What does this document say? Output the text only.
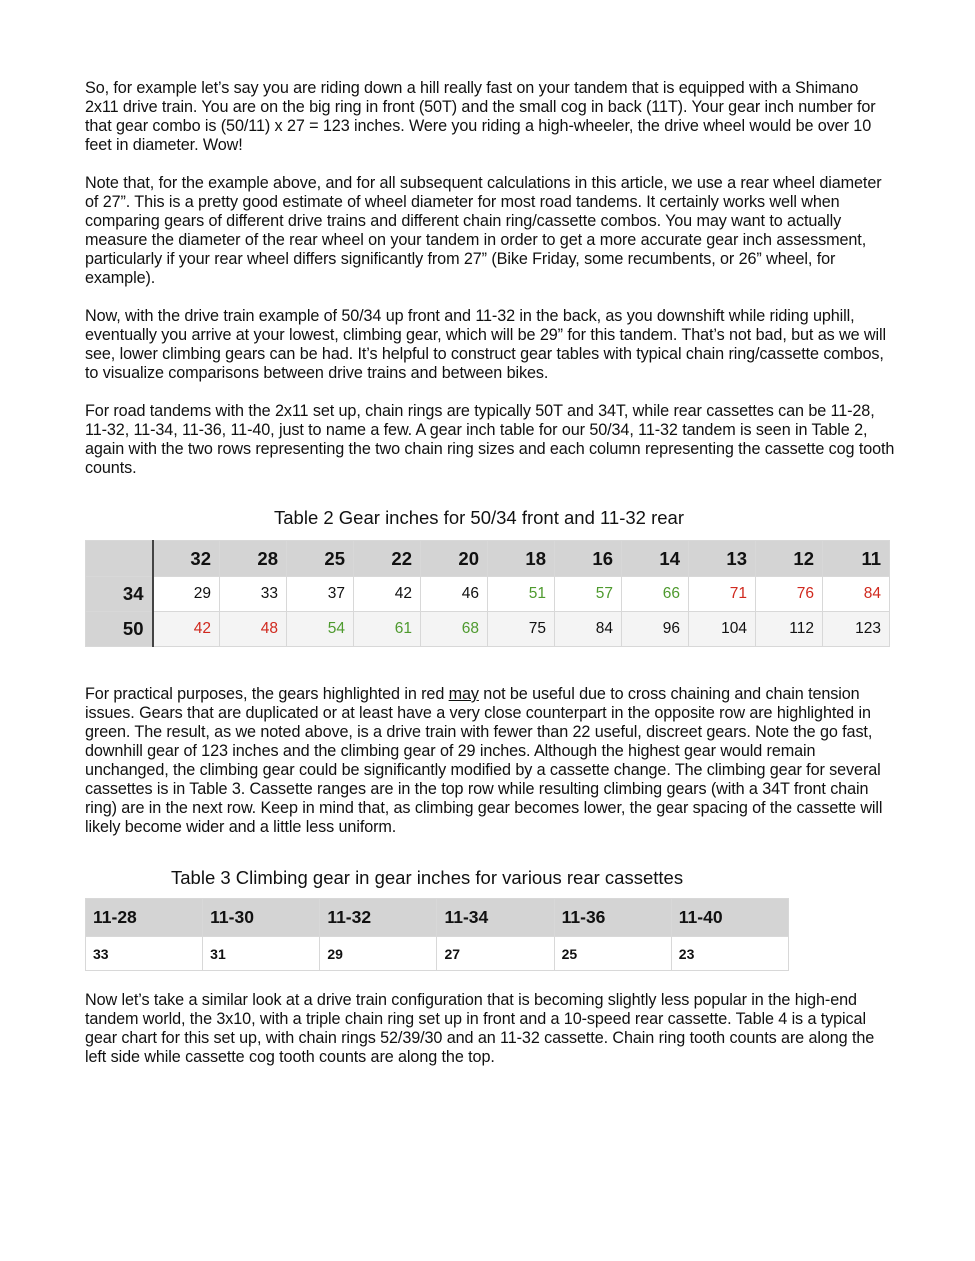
So, for example let’s say you are riding down a hill really fast on your tandem that is equipped with a Shimano 2x11 drive train. You are on the big ring in front (50T) and the small cog in back (11T). Your gear inch number for that gear combo is (50/11) x 27 = 123 inches. Were you riding a high-wheeler, the drive wheel would be over 10 feet in diameter. Wow!

Note that, for the example above, and for all subsequent calculations in this article, we use a rear wheel diameter of 27”. This is a pretty good estimate of wheel diameter for most road tandems. It certainly works well when comparing gears of different drive trains and different chain ring/cassette combos. You may want to actually measure the diameter of the rear wheel on your tandem in order to get a more accurate gear inch assessment, particularly if your rear wheel differs significantly from 27” (Bike Friday, some recumbents, or 26” wheel, for example).

Now, with the drive train example of 50/34 up front and 11-32 in the back, as you downshift while riding uphill, eventually you arrive at your lowest, climbing gear, which will be 29” for this tandem. That’s not bad, but as we will see, lower climbing gears can be had. It’s helpful to construct gear tables with typical chain ring/cassette combos, to visualize comparisons between drive trains and between bikes.

For road tandems with the 2x11 set up, chain rings are typically 50T and 34T, while rear cassettes can be 11-28, 11-32, 11-34, 11-36, 11-40, just to name a few. A gear inch table for our 50/34, 11-32 tandem is seen in Table 2, again with the two rows representing the two chain ring sizes and each column representing the cassette cog tooth counts.

Table 2 Gear inches for 50/34 front and 11-32 rear

	32	28	25	22	20	18	16	14	13	12	11
34	29	33	37	42	46	51	57	66	71	76	84
50	42	48	54	61	68	75	84	96	104	112	123

For practical purposes, the gears highlighted in red may not be useful due to cross chaining and chain tension issues. Gears that are duplicated or at least have a very close counterpart in the opposite row are highlighted in green. The result, as we noted above, is a drive train with fewer than 22 useful, discreet gears. Note the go fast, downhill gear of 123 inches and the climbing gear of 29 inches. Although the highest gear would remain unchanged, the climbing gear could be significantly modified by a cassette change. The climbing gear for several cassettes is in Table 3. Cassette ranges are in the top row while resulting climbing gears (with a 34T front chain ring) are in the next row. Keep in mind that, as climbing gear becomes lower, the gear spacing of the cassette will likely become wider and a little less uniform.

Table 3 Climbing gear in gear inches for various rear cassettes

11-28	11-30	11-32	11-34	11-36	11-40
33	31	29	27	25	23

Now let’s take a similar look at a drive train configuration that is becoming slightly less popular in the high-end tandem world, the 3x10, with a triple chain ring set up in front and a 10-speed rear cassette. Table 4 is a typical gear chart for this set up, with chain rings 52/39/30 and an 11-32 cassette. Chain ring tooth counts are along the left side while cassette cog tooth counts are along the top.
